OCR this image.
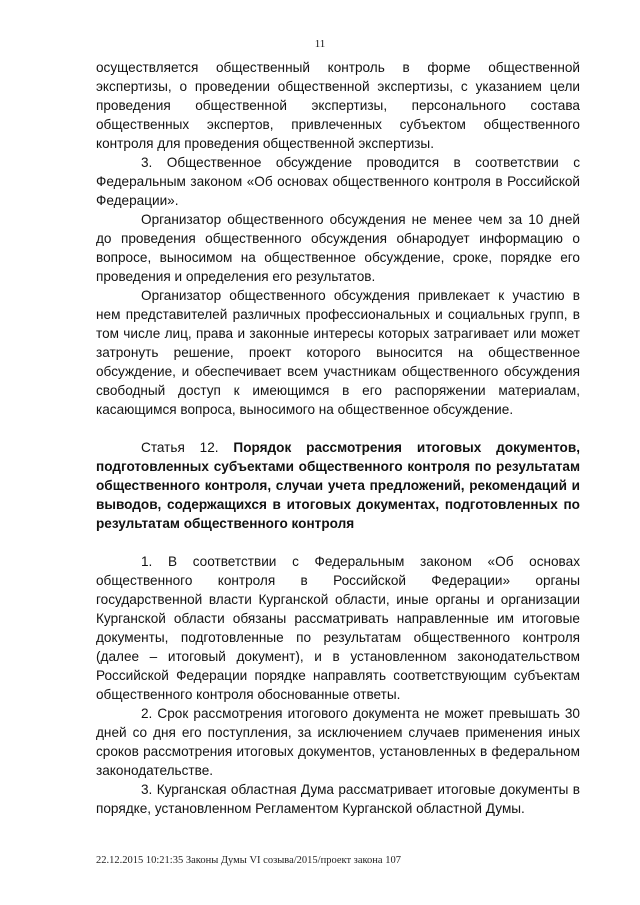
11

осуществляется общественный контроль в форме общественной экспертизы, о проведении общественной экспертизы, с указанием цели проведения общественной экспертизы, персонального состава общественных экспертов, привлеченных субъектом общественного контроля для проведения общественной экспертизы.

3. Общественное обсуждение проводится в соответствии с Федеральным законом «Об основах общественного контроля в Российской Федерации».

Организатор общественного обсуждения не менее чем за 10 дней до проведения общественного обсуждения обнародует информацию о вопросе, выносимом на общественное обсуждение, сроке, порядке его проведения и определения его результатов.

Организатор общественного обсуждения привлекает к участию в нем представителей различных профессиональных и социальных групп, в том числе лиц, права и законные интересы которых затрагивает или может затронуть решение, проект которого выносится на общественное обсуждение, и обеспечивает всем участникам общественного обсуждения свободный доступ к имеющимся в его распоряжении материалам, касающимся вопроса, выносимого на общественное обсуждение.

Статья 12. Порядок рассмотрения итоговых документов, подготовленных субъектами общественного контроля по результатам общественного контроля, случаи учета предложений, рекомендаций и выводов, содержащихся в итоговых документах, подготовленных по результатам общественного контроля

1. В соответствии с Федеральным законом «Об основах общественного контроля в Российской Федерации» органы государственной власти Курганской области, иные органы и организации Курганской области обязаны рассматривать направленные им итоговые документы, подготовленные по результатам общественного контроля (далее – итоговый документ), и в установленном законодательством Российской Федерации порядке направлять соответствующим субъектам общественного контроля обоснованные ответы.

2. Срок рассмотрения итогового документа не может превышать 30 дней со дня его поступления, за исключением случаев применения иных сроков рассмотрения итоговых документов, установленных в федеральном законодательстве.

3. Курганская областная Дума рассматривает итоговые документы в порядке, установленном Регламентом Курганской областной Думы.

22.12.2015 10:21:35 Законы Думы VI созыва/2015/проект закона 107
